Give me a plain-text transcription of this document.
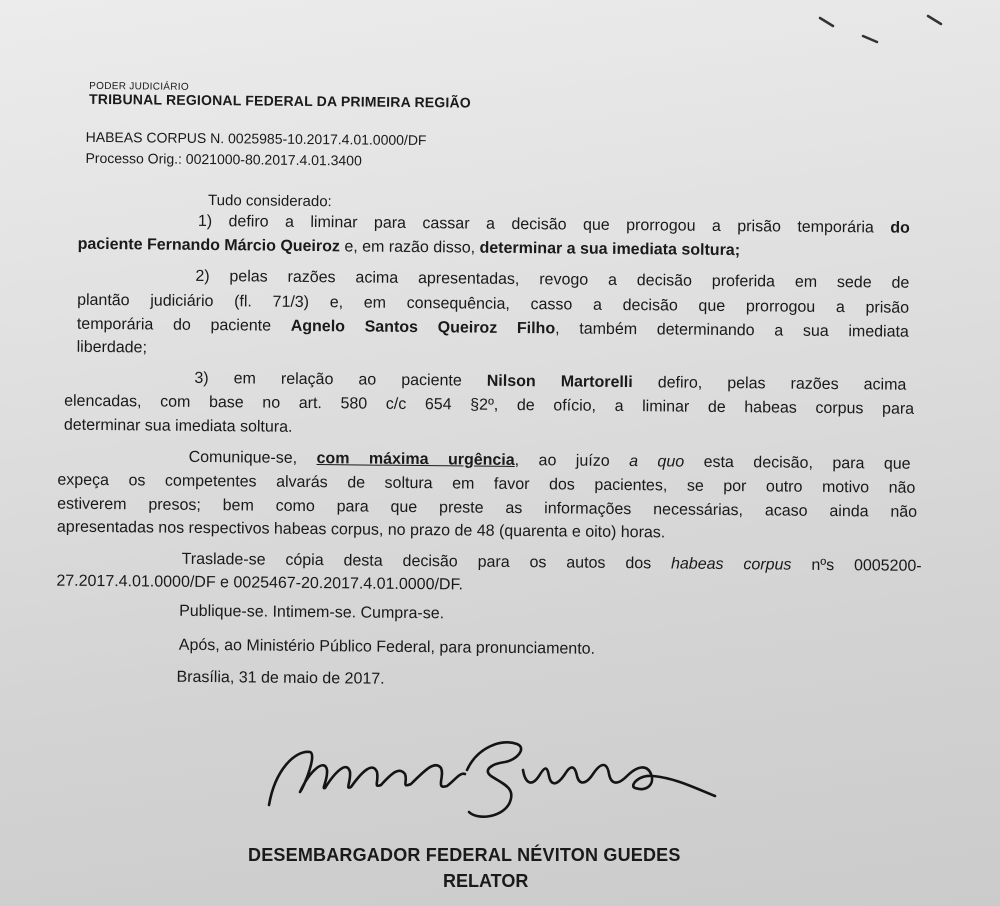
PODER JUDICIÁRIO
TRIBUNAL REGIONAL FEDERAL DA PRIMEIRA REGIÃO
HABEAS CORPUS N. 0025985-10.2017.4.01.0000/DF
Processo Orig.: 0021000-80.2017.4.01.3400
Tudo considerado:
1) defiro a liminar para cassar a decisão que prorrogou a prisão temporária do
paciente Fernando Márcio Queiroz e, em razão disso, determinar a sua imediata soltura;
2) pelas razões acima apresentadas, revogo a decisão proferida em sede de
plantão judiciário (fl. 71/3) e, em consequência, casso a decisão que prorrogou a prisão
temporária do paciente Agnelo Santos Queiroz Filho, também determinando a sua imediata
liberdade;
3) em relação ao paciente Nilson Martorelli defiro, pelas razões acima
elencadas, com base no art. 580 c/c 654 §2º, de ofício, a liminar de habeas corpus para
determinar sua imediata soltura.
Comunique-se, com máxima urgência, ao juízo a quo esta decisão, para que
expeça os competentes alvarás de soltura em favor dos pacientes, se por outro motivo não
estiverem presos; bem como para que preste as informações necessárias, acaso ainda não
apresentadas nos respectivos habeas corpus, no prazo de 48 (quarenta e oito) horas.
Traslade-se cópia desta decisão para os autos dos habeas corpus nºs 0005200-
27.2017.4.01.0000/DF e 0025467-20.2017.4.01.0000/DF.
Publique-se. Intimem-se. Cumpra-se.
Após, ao Ministério Público Federal, para pronunciamento.
Brasília, 31 de maio de 2017.
DESEMBARGADOR FEDERAL NÉVITON GUEDES
RELATOR
